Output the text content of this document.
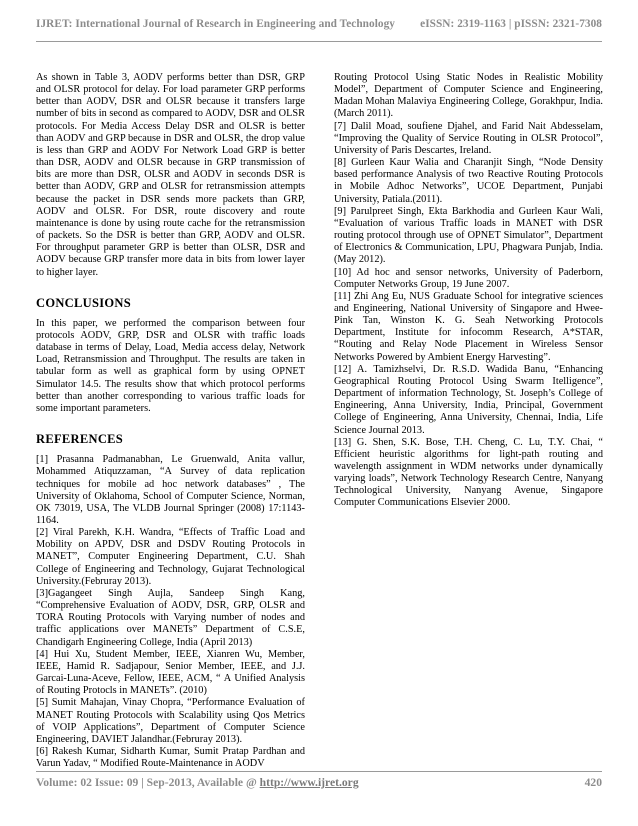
IJRET: International Journal of Research in Engineering and Technology eISSN: 2319-1163 | pISSN: 2321-7308

As shown in Table 3, AODV performs better than DSR, GRP and OLSR protocol for delay. For load parameter GRP performs better than AODV, DSR and OLSR because it transfers large number of bits in second as compared to AODV, DSR and OLSR protocols. For Media Access Delay DSR and OLSR is better than AODV and GRP because in DSR and OLSR, the drop value is less than GRP and AODV For Network Load GRP is better than DSR, AODV and OLSR because in GRP transmission of bits are more than DSR, OLSR and AODV in seconds DSR is better than AODV, GRP and OLSR for retransmission attempts because the packet in DSR sends more packets than GRP, AODV and OLSR. For DSR, route discovery and route maintenance is done by using route cache for the retransmission of packets. So the DSR is better than GRP, AODV and OLSR. For throughput parameter GRP is better than OLSR, DSR and AODV because GRP transfer more data in bits from lower layer to higher layer.

CONCLUSIONS

In this paper, we performed the comparison between four protocols AODV, GRP, DSR and OLSR with traffic loads database in terms of Delay, Load, Media access delay, Network Load, Retransmission and Throughput. The results are taken in tabular form as well as graphical form by using OPNET Simulator 14.5. The results show that which protocol performs better than another corresponding to various traffic loads for some important parameters.

REFERENCES

[1] Prasanna Padmanabhan, Le Gruenwald, Anita vallur, Mohammed Atiquzzaman, “A Survey of data replication techniques for mobile ad hoc network databases” , The University of Oklahoma, School of Computer Science, Norman, OK 73019, USA, The VLDB Journal Springer (2008) 17:1143-1164.

[2] Viral Parekh, K.H. Wandra, “Effects of Traffic Load and Mobility on APDV, DSR and DSDV Routing Protocols in MANET”, Computer Engineering Department, C.U. Shah College of Engineering and Technology, Gujarat Technological University.(Februray 2013).

[3]Gagangeet Singh Aujla, Sandeep Singh Kang, “Comprehensive Evaluation of AODV, DSR, GRP, OLSR and TORA Routing Protocols with Varying number of nodes and traffic applications over MANETs” Department of C.S.E, Chandigarh Engineering College, India (April 2013)

[4] Hui Xu, Student Member, IEEE, Xianren Wu, Member, IEEE, Hamid R. Sadjapour, Senior Member, IEEE, and J.J. Garcai-Luna-Aceve, Fellow, IEEE, ACM, “ A Unified Analysis of Routing Protocls in MANETs”. (2010)

[5] Sumit Mahajan, Vinay Chopra, “Performance Evaluation of MANET Routing Protocols with Scalability using Qos Metrics of VOIP Applications”, Department of Computer Science Engineering, DAVIET Jalandhar.(Februray 2013).

[6] Rakesh Kumar, Sidharth Kumar, Sumit Pratap Pardhan and Varun Yadav, “ Modified Route-Maintenance in AODV

Routing Protocol Using Static Nodes in Realistic Mobility Model”, Department of Computer Science and Engineering, Madan Mohan Malaviya Engineering College, Gorakhpur, India.(March 2011).

[7] Dalil Moad, soufiene Djahel, and Farid Nait Abdesselam, “Improving the Quality of Service Routing in OLSR Protocol”, University of Paris Descartes, Ireland.

[8] Gurleen Kaur Walia and Charanjit Singh, “Node Density based performance Analysis of two Reactive Routing Protocols in Mobile Adhoc Networks”, UCOE Department, Punjabi University, Patiala.(2011).

[9] Parulpreet Singh, Ekta Barkhodia and Gurleen Kaur Wali, “Evaluation of various Traffic loads in MANET with DSR routing protocol through use of OPNET Simulator”, Department of Electronics & Communication, LPU, Phagwara Punjab, India. (May 2012).

[10] Ad hoc and sensor networks, University of Paderborn, Computer Networks Group, 19 June 2007.

[11] Zhi Ang Eu, NUS Graduate School for integrative sciences and Engineering, National University of Singapore and Hwee-Pink Tan, Winston K. G. Seah Networking Protocols Department, Institute for infocomm Research, A*STAR, “Routing and Relay Node Placement in Wireless Sensor Networks Powered by Ambient Energy Harvesting”.

[12] A. Tamizhselvi, Dr. R.S.D. Wadida Banu, “Enhancing Geographical Routing Protocol Using Swarm Itelligence”, Department of information Technology, St. Joseph’s College of Engineering, Anna University, India, Principal, Government College of Engineering, Anna University, Chennai, India, Life Science Journal 2013.

[13] G. Shen, S.K. Bose, T.H. Cheng, C. Lu, T.Y. Chai, “ Efficient heuristic algorithms for light-path routing and wavelength assignment in WDM networks under dynamically varying loads”, Network Technology Research Centre, Nanyang Technological University, Nanyang Avenue, Singapore Computer Communications Elsevier 2000.

Volume: 02 Issue: 09 | Sep-2013, Available @ http://www.ijret.org	420
